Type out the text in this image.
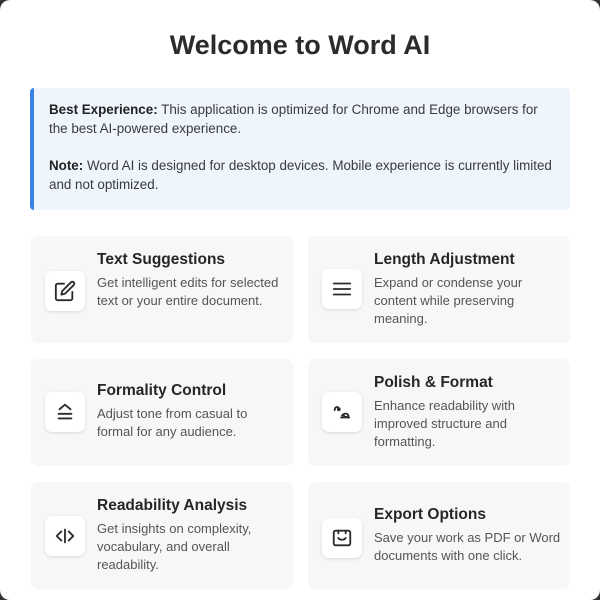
Welcome to Word AI

Best Experience: This application is optimized for Chrome and Edge browsers for the best AI-powered experience.

Note: Word AI is designed for desktop devices. Mobile experience is currently limited and not optimized.

Text Suggestions
Get intelligent edits for selected text or your entire document.
Length Adjustment
Expand or condense your content while preserving meaning.
Formality Control
Adjust tone from casual to formal for any audience.
Polish & Format
Enhance readability with improved structure and formatting.
Readability Analysis
Get insights on complexity, vocabulary, and overall readability.
Export Options
Save your work as PDF or Word documents with one click.
